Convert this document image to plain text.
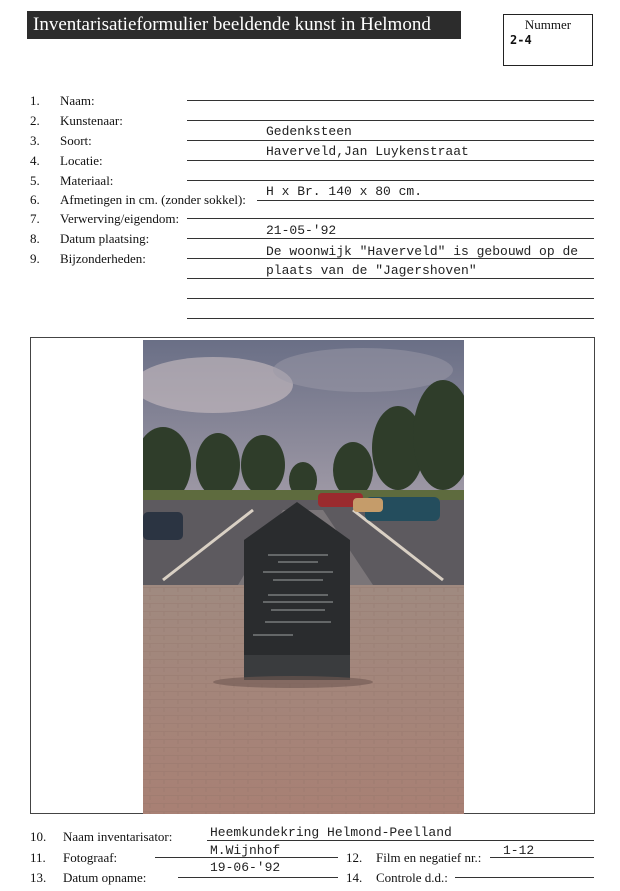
Inventarisatieformulier beeldende kunst in Helmond	Nummer
2-4
1. Naam:
2. Kunstenaar:
3. Soort:
Gedenksteen
4. Locatie:
Haverveld,Jan Luykenstraat
5. Materiaal:
6. Afmetingen in cm. (zonder sokkel):
H x Br. 140 x 80 cm.
7. Verwerving/eigendom:
8. Datum plaatsing:
21-05-'92
9. Bijzonderheden:	De woonwijk "Haverveld" is gebouwd op de
plaats van de "Jagershoven"
10. Naam inventarisator:	Heemkundekring Helmond-Peelland
11. Fotograaf:	M.Wijnhof	12. Film en negatief nr.: 1-12
13. Datum opname:
19-06-'92
14. Controle d.d.:
